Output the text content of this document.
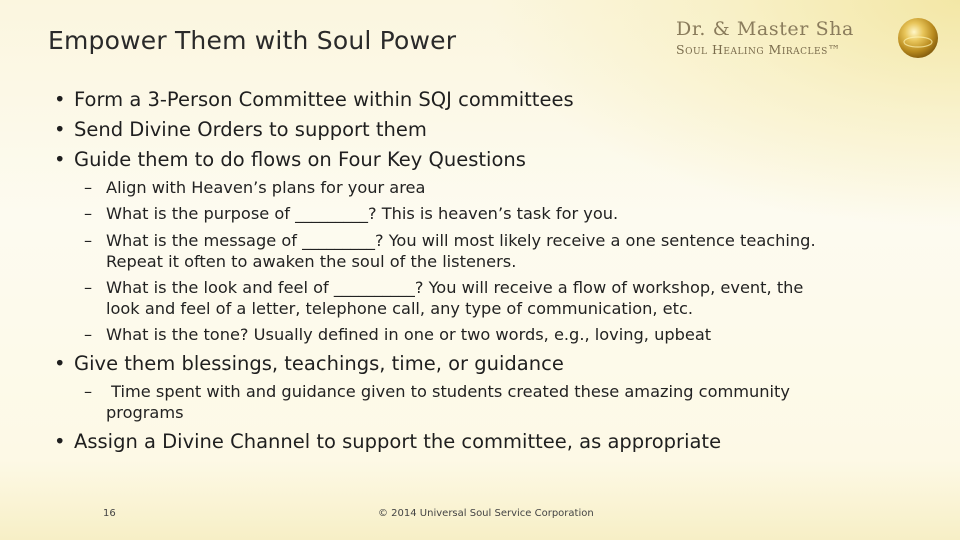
Empower Them with Soul Power	Dr. & Master Sha
Soul Healing Miracles™
• Form a 3-Person Committee within SQJ committees
• Send Divine Orders to support them
• Guide them to do flows on Four Key Questions
– Align with Heaven’s plans for your area
– What is the purpose of _________? This is heaven’s task for you.
– What is the message of _________? You will most likely receive a one sentence teaching.
Repeat it often to awaken the soul of the listeners.
– What is the look and feel of __________? You will receive a flow of workshop, event, the
look and feel of a letter, telephone call, any type of communication, etc.
– What is the tone? Usually defined in one or two words, e.g., loving, upbeat
• Give them blessings, teachings, time, or guidance
– Time spent with and guidance given to students created these amazing community
programs
• Assign a Divine Channel to support the committee, as appropriate
16	© 2014 Universal Soul Service Corporation
